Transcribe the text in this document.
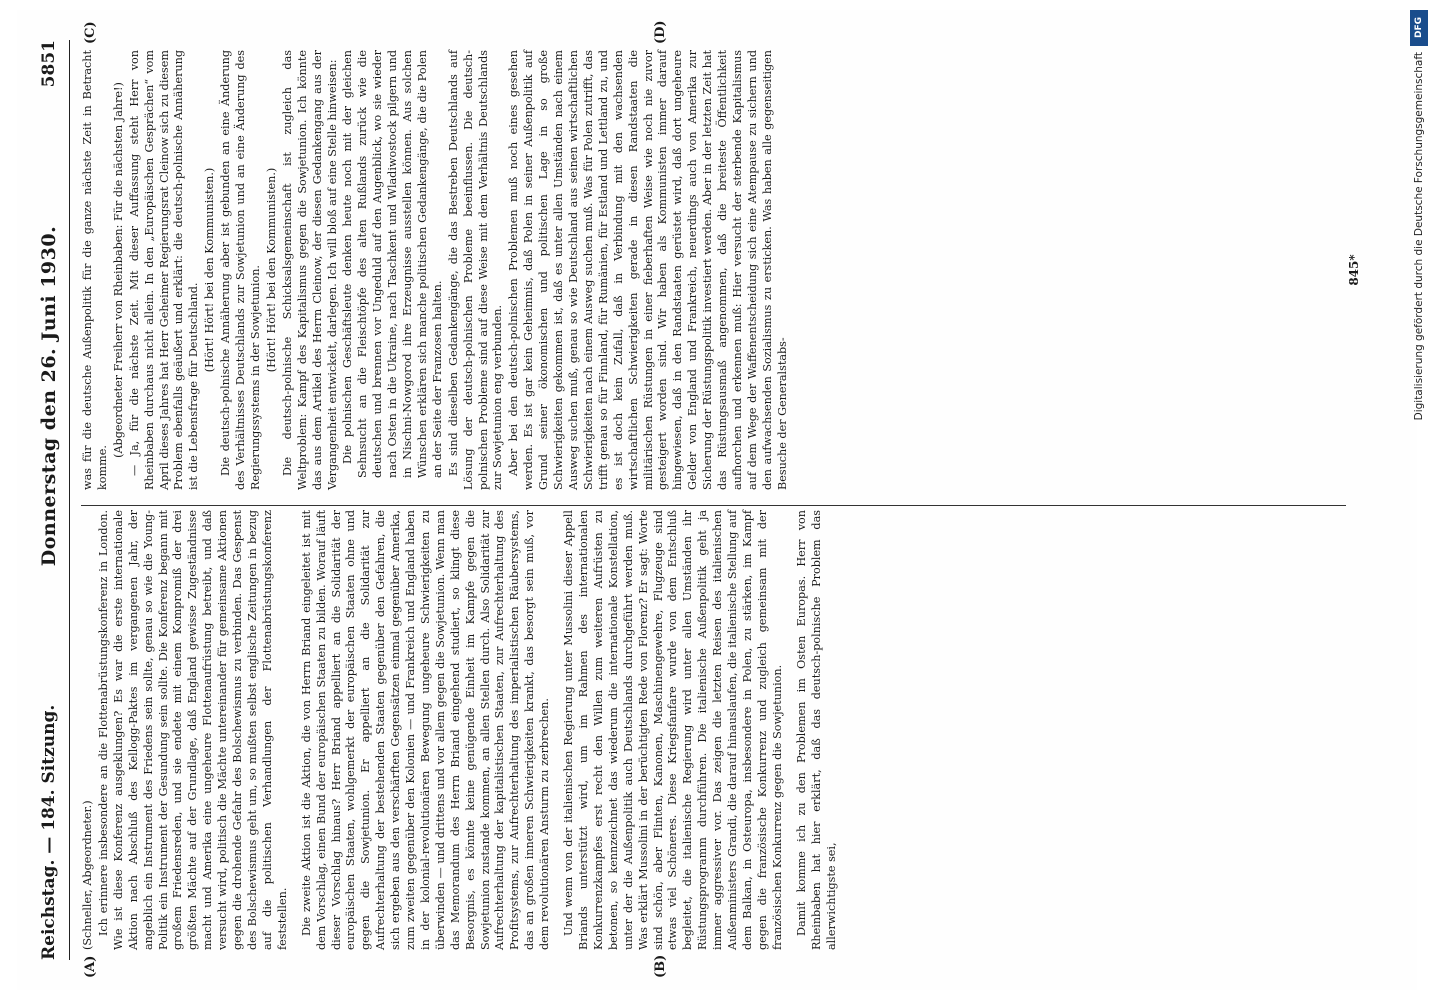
Reichstag. — 184. Sitzung.
Donnerstag den 26. Juni 1930.
5851
(A)	(B)
(C)	(D)

(Schneller, Abgeordneter.) Ich erinnere insbesondere an die Flottenabrüstungskonferenz in London. Wie ist diese Konferenz ausgeklungen? Es war die erste internationale Aktion nach Abschluß des Kellogg-Paktes im vergangenen Jahr, der angeblich ein Instrument des Friedens sein sollte, genau so wie die Young-Politik ein Instrument der Gesundung sein sollte. Die Konferenz begann mit großem Friedensreden, und sie endete mit einem Kompromiß der drei größten Mächte auf der Grundlage, daß England gewisse Zugeständnisse macht und Amerika eine ungeheure Flottenaufrüstung betreibt, und daß versucht wird, politisch die Mächte untereinander für gemeinsame Aktionen gegen die drohende Gefahr des Bolschewismus zu verbinden. Das Gespenst des Bolschewismus geht um, so mußten selbst englische Zeitungen in bezug auf die politischen Verhandlungen der Flottenabrüstungskonferenz feststellen. Die zweite Aktion ist die Aktion, die von Herrn Briand eingeleitet ist mit dem Vorschlag, einen Bund der europäischen Staaten zu bilden. Worauf läuft dieser Vorschlag hinaus? Herr Briand appelliert an die Solidarität der europäischen Staaten, wohlgemerkt der europäischen Staaten ohne und gegen die Sowjetunion. Er appelliert an die Solidarität zur Aufrechterhaltung der bestehenden Staaten gegenüber den Gefahren, die sich ergeben aus den verschärften Gegensätzen einmal gegenüber Amerika, zum zweiten gegenüber den Kolonien — und Frankreich und England haben in der kolonial-revolutionären Bewegung ungeheure Schwierigkeiten zu überwinden — und drittens und vor allem gegen die Sowjetunion. Wenn man das Memorandum des Herrn Briand eingehend studiert, so klingt diese Besorgnis, es könnte keine genügende Einheit im Kampfe gegen die Sowjetunion zustande kommen, an allen Stellen durch. Also Solidarität zur Aufrechterhaltung der kapitalistischen Staaten, zur Aufrechterhaltung des Profitsystems, zur Aufrechterhaltung des imperialistischen Räubersystems, das an großen inneren Schwierigkeiten krankt, das besorgt sein muß, vor dem revolutionären Ansturm zu zerbrechen. Und wenn von der italienischen Regierung unter Mussolini dieser Appell Briands unterstützt wird, um im Rahmen des internationalen Konkurrenzkampfes erst recht den Willen zum weiteren Aufrüsten zu betonen, so kennzeichnet das wiederum die internationale Konstellation, unter der die Außenpolitik auch Deutschlands durchgeführt werden muß. Was erklärt Mussolini in der berüchtigten Rede von Florenz? Er sagt: Worte sind schön, aber Flinten, Kanonen, Maschinengewehre, Flugzeuge sind etwas viel Schöneres. Diese Kriegsfanfare wurde von dem Entschluß begleitet, die italienische Regierung wird unter allen Umständen ihr Rüstungsprogramm durchführen. Die italienische Außenpolitik geht ja immer aggressiver vor. Das zeigen die letzten Reisen des italienischen Außenministers Grandi, die darauf hinauslaufen, die italienische Stellung auf dem Balkan, in Osteuropa, insbesondere in Polen, zu stärken, im Kampf gegen die französische Konkurrenz und zugleich gemeinsam mit der französischen Konkurrenz gegen die Sowjetunion. Damit komme ich zu den Problemen im Osten Europas. Herr von Rheinbaben hat hier erklärt, daß das deutsch-polnische Problem das allerwichtigste sei,

was für die deutsche Außenpolitik für die ganze nächste Zeit in Betracht komme.

(Abgeordneter Freiherr von Rheinbaben: Für die nächsten Jahre!) — Ja, für die nächste Zeit. Mit dieser Auffassung steht Herr von Rheinbaben durchaus nicht allein. In den „Europäischen Gesprächen“ vom April dieses Jahres hat Herr Geheimer Regierungsrat Cleinow sich zu diesem Problem ebenfalls geäußert und erklärt: die deutsch-polnische Annäherung ist die Lebensfrage für Deutschland.

(Hört! Hört! bei den Kommunisten.) Die deutsch-polnische Annäherung aber ist gebunden an eine Änderung des Verhältnisses Deutschlands zur Sowjetunion und an eine Änderung des Regierungssystems in der Sowjetunion. (Hört! Hört! bei den Kommunisten.) Die deutsch-polnische Schicksalsgemeinschaft ist zugleich das Weltproblem: Kampf des Kapitalismus gegen die Sowjetunion. Ich könnte das aus dem Artikel des Herrn Cleinow, der diesen Gedankengang aus der Vergangenheit entwickelt, darlegen. Ich will bloß auf eine Stelle hinweisen: Die polnischen Geschäftsleute denken heute noch mit der gleichen Sehnsucht an die Fleischtöpfe des alten Rußlands zurück wie die deutschen und brennen vor Ungeduld auf den Augenblick, wo sie wieder nach Osten in die Ukraine, nach Taschkent und Wladiwostock pilgern und in Nischni-Nowgorod ihre Erzeugnisse ausstellen können. Aus solchen Wünschen erklären sich manche politischen Gedankengänge, die die Polen an der Seite der Franzosen halten. Es sind dieselben Gedankengänge, die das Bestreben Deutschlands auf Lösung der deutsch-polnischen Probleme beeinflussen. Die deutsch-polnischen Probleme sind auf diese Weise mit dem Verhältnis Deutschlands zur Sowjetunion eng verbunden. Aber bei den deutsch-polnischen Problemen muß noch eines gesehen werden. Es ist gar kein Geheimnis, daß Polen in seiner Außenpolitik auf Grund seiner ökonomischen und politischen Lage in so große Schwierigkeiten gekommen ist, daß es unter allen Umständen nach einem Ausweg suchen muß, genau so wie Deutschland aus seinen wirtschaftlichen Schwierigkeiten nach einem Ausweg suchen muß. Was für Polen zutrifft, das trifft genau so für Finnland, für Rumänien, für Estland und Lettland zu, und es ist doch kein Zufall, daß in Verbindung mit den wachsenden wirtschaftlichen Schwierigkeiten gerade in diesen Randstaaten die militärischen Rüstungen in einer fieberhaften Weise wie noch nie zuvor gesteigert worden sind. Wir haben als Kommunisten immer darauf hingewiesen, daß in den Randstaaten gerüstet wird, daß dort ungeheure Gelder von England und Frankreich, neuerdings auch von Amerika zur Sicherung der Rüstungspolitik investiert werden. Aber in der letzten Zeit hat das Rüstungsausmaß angenommen, daß die breiteste Öffentlichkeit aufhorchen und erkennen muß: Hier versucht der sterbende Kapitalismus auf dem Wege der Waffenentscheidung sich eine Atempause zu sichern und den aufwachsenden Sozialismus zu ersticken. Was haben alle gegenseitigen Besuche der Generalstabs-

845*
DFG
Digitalisierung gefördert durch die Deutsche Forschungsgemeinschaft
